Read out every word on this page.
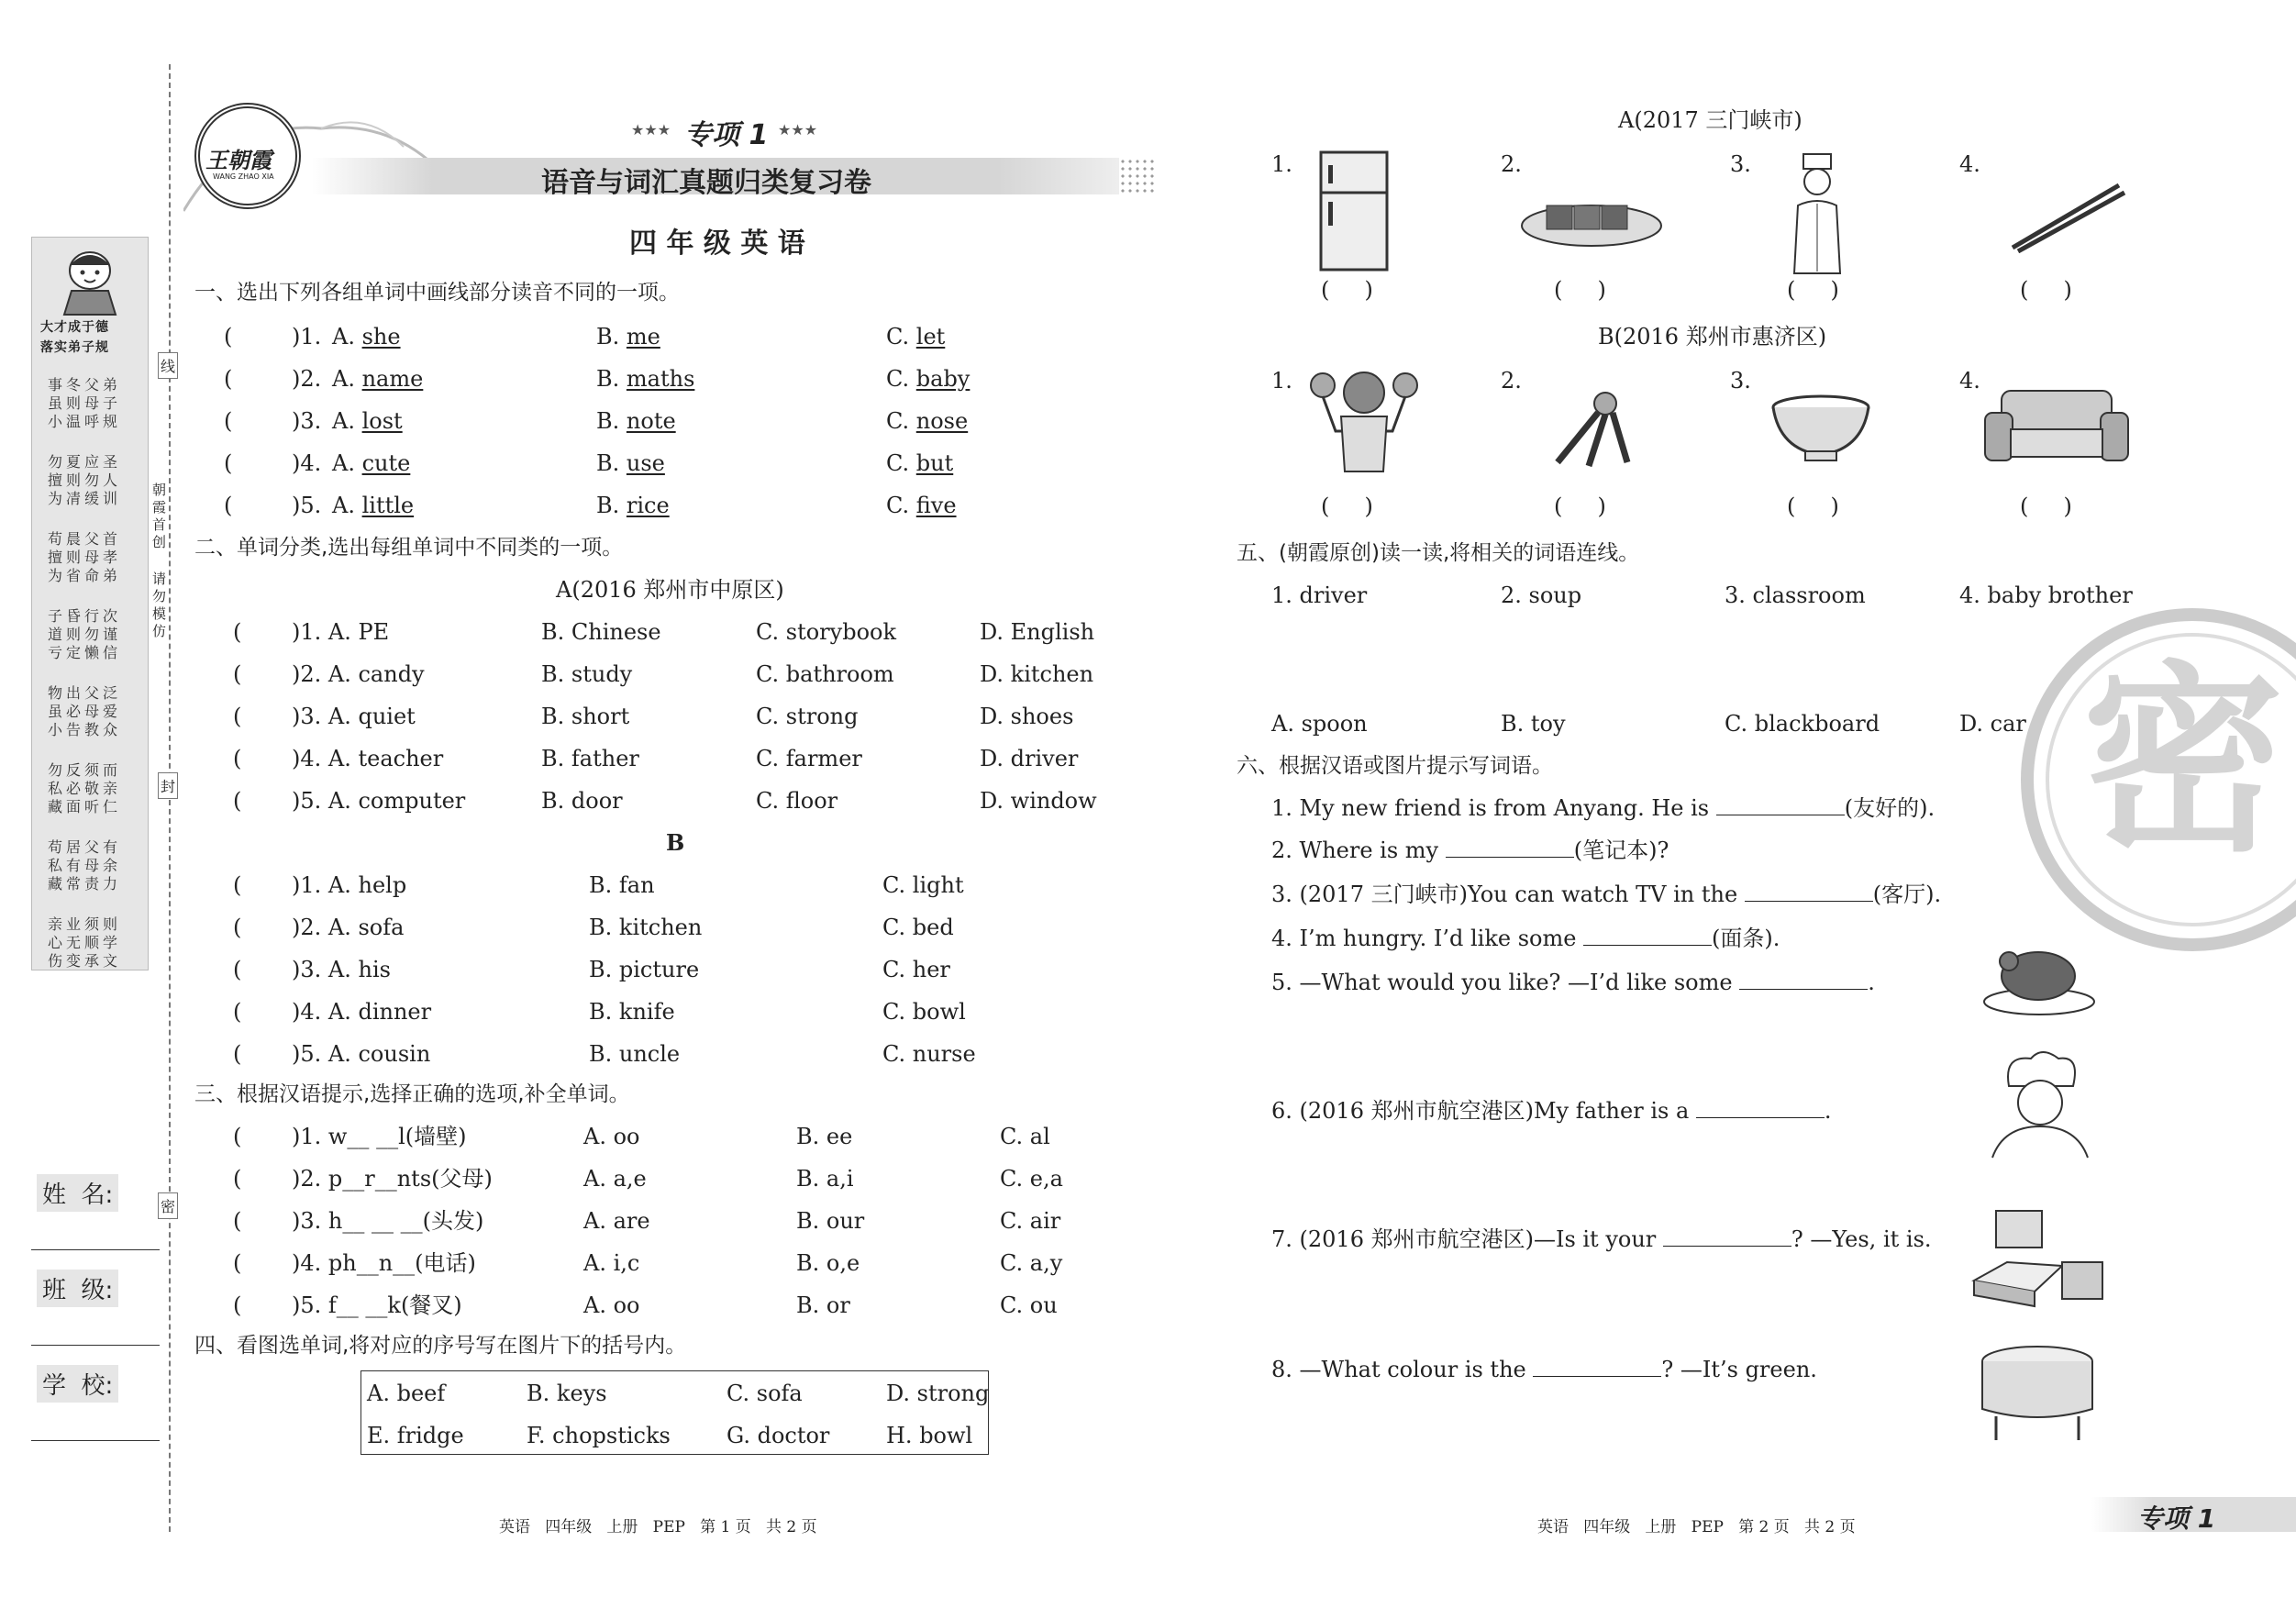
大才成于德
落实弟子规
事冬父弟
虽则母子
小温呼规
勿夏应圣
擅则勿人
为凊缓训
苟晨父首
擅则母孝
为省命弟
子昏行次
道则勿谨
亏定懒信
物出父泛
虽必母爱
小告教众
勿反须而
私必敬亲
藏面听仁
苟居父有
私有母余
藏常责力
亲业须则
心无顺学
伤变承文
姓  名:
班  级:
学  校:
线
封
密
朝霞首创
请勿模仿
王朝霞
WANG ZHAO XIA
★★★ 专项 1 ★★★
语音与词汇真题归类复习卷
四 年 级 英 语
一、选出下列各组单词中画线部分读音不同的一项。
(	)1. A. she	B. me	C. let
(	)2. A. name	B. maths	C. baby
(	)3. A. lost	B. note	C. nose
(	)4. A. cute	B. use	C. but
(	)5. A. little	B. rice	C. five
二、单词分类,选出每组单词中不同类的一项。
A(2016 郑州市中原区)
( )1. A. PE	B. Chinese	C. storybook	D. English
( )2. A. candy	B. study	C. bathroom	D. kitchen
( )3. A. quiet	B. short	C. strong	D. shoes
( )4. A. teacher	B. father	C. farmer	D. driver
( )5. A. computer	B. door	C. floor	D. window
B
( )1. A. help	B. fan	C. light
( )2. A. sofa	B. kitchen	C. bed
( )3. A. his	B. picture	C. her
( )4. A. dinner	B. knife	C. bowl
( )5. A. cousin	B. uncle	C. nurse
三、根据汉语提示,选择正确的选项,补全单词。
( )1. w__ __l(墙壁)	A. oo	B. ee	C. al
( )2. p__r__nts(父母)	A. a,e	B. a,i	C. e,a
( )3. h__ __ __(头发)	A. are	B. our	C. air
( )4. ph__n__(电话)	A. i,c	B. o,e	C. a,y
( )5. f__ __k(餐叉)	A. oo	B. or	C. ou
四、看图选单词,将对应的序号写在图片下的括号内。
A. beef	B. keys	C. sofa	D. strong
E. fridge	F. chopsticks	G. doctor	H. bowl
英语   四年级   上册   PEP   第 1 页   共 2 页
A(2017 三门峡市)
1.	2.	3.	4.
(     )	(     )	(     )	(     )
B(2016 郑州市惠济区)
1.	2.	3.	4.
(     )	(     )	(     )	(     )
五、(朝霞原创)读一读,将相关的词语连线。
1. driver	2. soup	3. classroom	4. baby brother
A. spoon	B. toy	C. blackboard	D. car 密
六、根据汉语或图片提示写词语。
1. My new friend is from Anyang. He is	(友好的).
2. Where is my	(笔记本)?
3. (2017 三门峡市)You can watch TV in the	(客厅).
4. I’m hungry. I’d like some	(面条).
5. —What would you like? —I’d like some	.
6. (2016 郑州市航空港区)My father is a	.
7. (2016 郑州市航空港区)—Is it your	? —Yes, it is.
8. —What colour is the	? —It’s green.
英语   四年级   上册   PEP   第 2 页   共 2 页	专项 1
